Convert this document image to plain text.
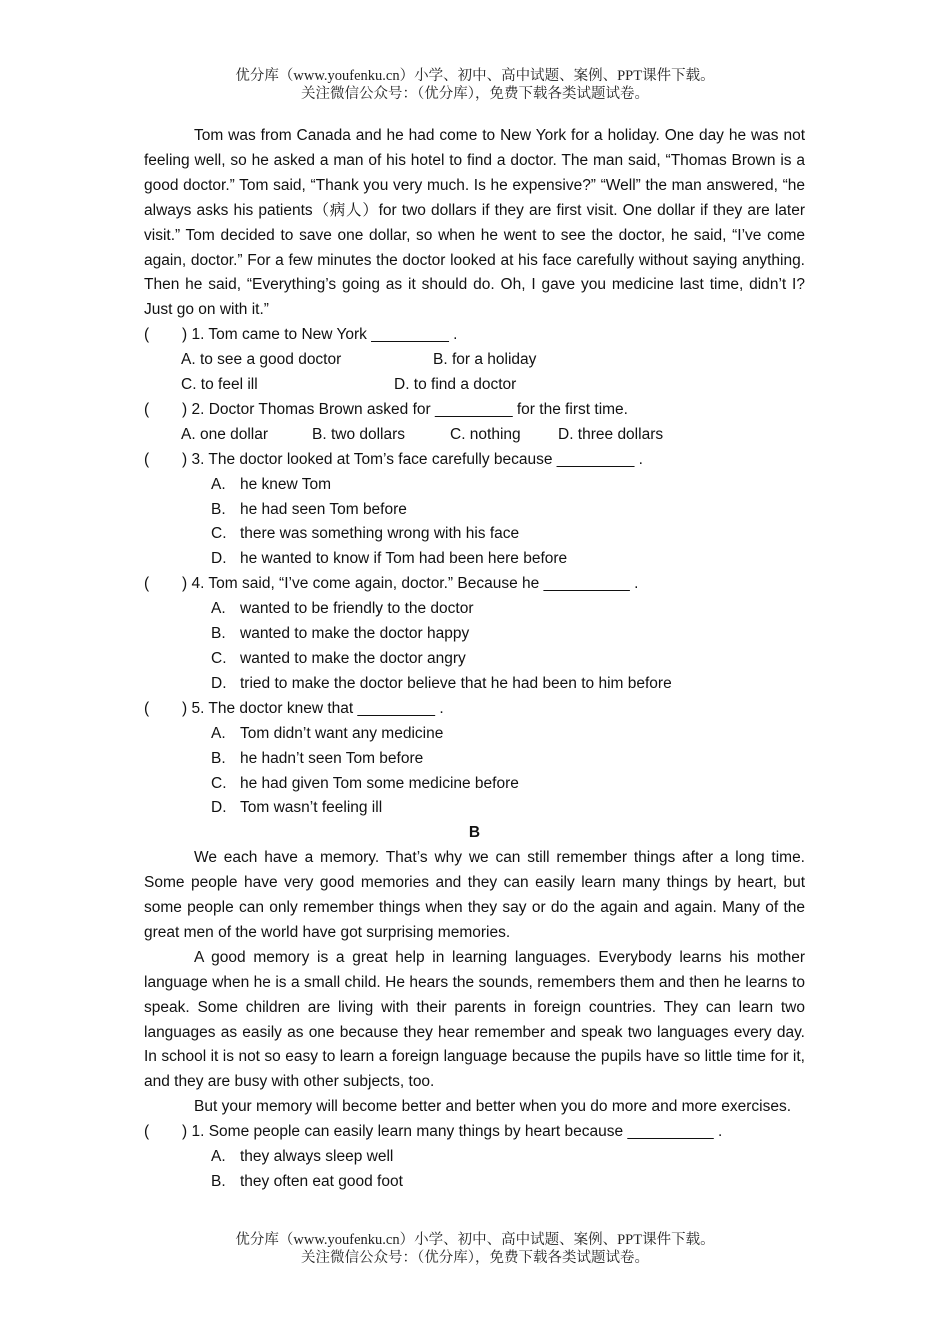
优分库（www.youfenku.cn）小学、初中、高中试题、案例、PPT课件下载。
关注微信公众号：（优分库），免费下载各类试题试卷。

Tom was from Canada and he had come to New York for a holiday. One day he was not feeling well, so he asked a man of his hotel to find a doctor. The man said, “Thomas Brown is a good doctor.” Tom said, “Thank you very much. Is he expensive?” “Well” the man answered, “he always asks his patients（病人）for two dollars if they are first visit. One dollar if they are later visit.” Tom decided to save one dollar, so when he went to see the doctor, he said, “I’ve come again, doctor.” For a few minutes the doctor looked at his face carefully without saying anything. Then he said, “Everything’s going as it should do. Oh, I gave you medicine last time, didn’t I? Just go on with it.”

( ) 1. Tom came to New York _________ .
A. to see a good doctor	B. for a holiday
C. to feel ill	D. to find a doctor
( ) 2. Doctor Thomas Brown asked for _________ for the first time.
A. one dollar	B. two dollars	C. nothing D. three dollars
( ) 3. The doctor looked at Tom’s face carefully because _________ .
A. he knew Tom
B. he had seen Tom before
C. there was something wrong with his face
D. he wanted to know if Tom had been here before
( ) 4. Tom said, “I’ve come again, doctor.” Because he __________ .
A. wanted to be friendly to the doctor
B. wanted to make the doctor happy
C. wanted to make the doctor angry
D. tried to make the doctor believe that he had been to him before
( ) 5. The doctor knew that _________ .
A. Tom didn’t want any medicine
B. he hadn’t seen Tom before
C. he had given Tom some medicine before
D. Tom wasn’t feeling ill
B

We each have a memory. That’s why we can still remember things after a long time. Some people have very good memories and they can easily learn many things by heart, but some people can only remember things when they say or do the again and again. Many of the great men of the world have got surprising memories.

A good memory is a great help in learning languages. Everybody learns his mother language when he is a small child. He hears the sounds, remembers them and then he learns to speak. Some children are living with their parents in foreign countries. They can learn two languages as easily as one because they hear remember and speak two languages every day. In school it is not so easy to learn a foreign language because the pupils have so little time for it, and they are busy with other subjects, too.

But your memory will become better and better when you do more and more exercises.

( ) 1. Some people can easily learn many things by heart because __________ .
A. they always sleep well
B. they often eat good foot
优分库（www.youfenku.cn）小学、初中、高中试题、案例、PPT课件下载。
关注微信公众号：（优分库），免费下载各类试题试卷。
